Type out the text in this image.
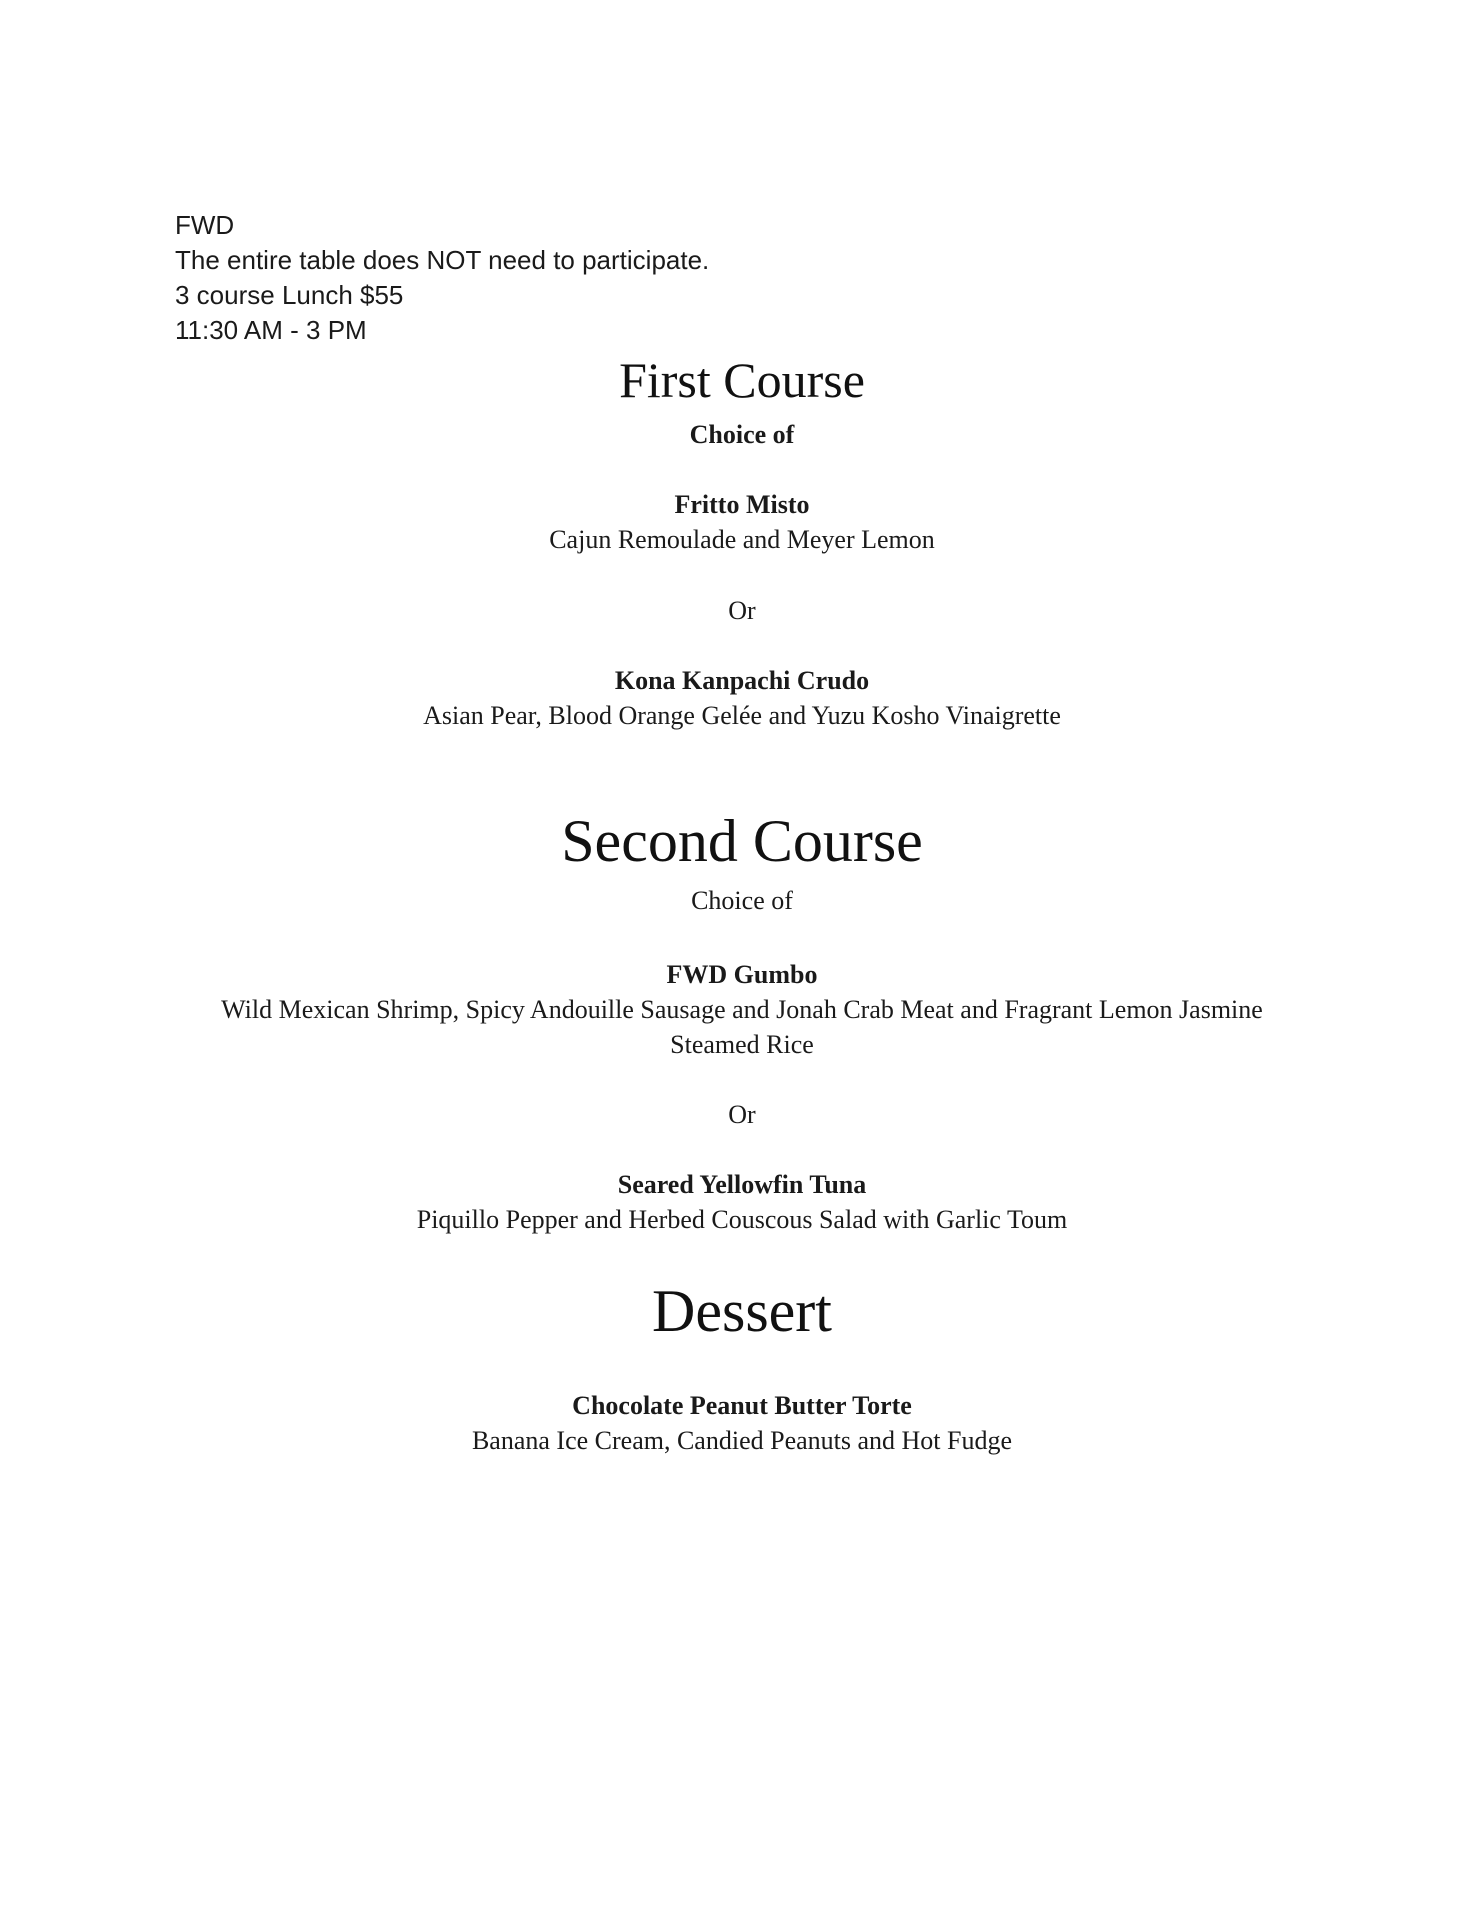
FWD
The entire table does NOT need to participate.
3 course Lunch $55
11:30 AM - 3 PM
First Course
Choice of
Fritto Misto
Cajun Remoulade and Meyer Lemon
Or
Kona Kanpachi Crudo
Asian Pear, Blood Orange Gelée and Yuzu Kosho Vinaigrette
Second Course
Choice of
FWD Gumbo
Wild Mexican Shrimp, Spicy Andouille Sausage and Jonah Crab Meat and Fragrant Lemon Jasmine
Steamed Rice
Or
Seared Yellowfin Tuna
Piquillo Pepper and Herbed Couscous Salad with Garlic Toum
Dessert
Chocolate Peanut Butter Torte
Banana Ice Cream, Candied Peanuts and Hot Fudge
